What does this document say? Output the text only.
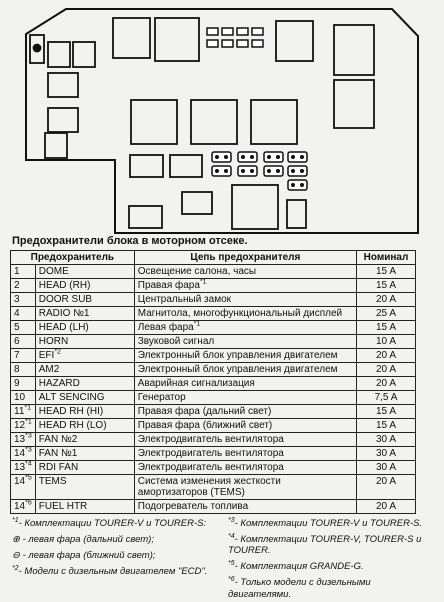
Предохранители блока в моторном отсеке.
Предохранитель		Цепь предохранителя	Номинал
1	DOME	Освещение салона, часы	15 A
2	HEAD (RH)	Правая фара$^{*1}$	15 A
3	DOOR SUB	Центральный замок	20 A
4	RADIO №1	Магнитола, многофункциональный дисплей	25 A
5	HEAD (LH)	Левая фара$^{*1}$	15 A
6	HORN	Звуковой сигнал	10 A
7	EFI$^{*2}$	Электронный блок управления двигателем	20 A
8	AM2	Электронный блок управления двигателем	20 A
9	HAZARD	Аварийная сигнализация	20 A
10	ALT SENCING	Генератор	7,5 A
11$^{*1}$	HEAD RH (HI)	Правая фара (дальний свет)	15 A
12$^{*1}$	HEAD RH (LO)	Правая фара (ближний свет)	15 A
13$^{*3}$	FAN №2	Электродвигатель вентилятора	30 A
14$^{*3}$	FAN №1	Электродвигатель вентилятора	30 A
13$^{*4}$	RDI FAN	Электродвигатель вентилятора	30 A
14$^{*5}$	TEMS	Система изменения жесткости амортизаторов (TEMS)	20 A
14$^{*6}$	FUEL HTR	Подогреватель топлива	20 A
$^{*1}$- Комплектации TOURER-V и TOURER-S:
⊕ - левая фара (дальний свет);
⊖ - левая фара (ближний свет);
$^{*2}$- Модели с дизельным двигателем "ECD".
$^{*3}$- Комплектации TOURER-V и TOURER-S.
$^{*4}$- Комплектации TOURER-V, TOURER-S и TOURER.
$^{*5}$- Комплектация GRANDE-G.
$^{*6}$- Только модели с дизельными двигателями.
